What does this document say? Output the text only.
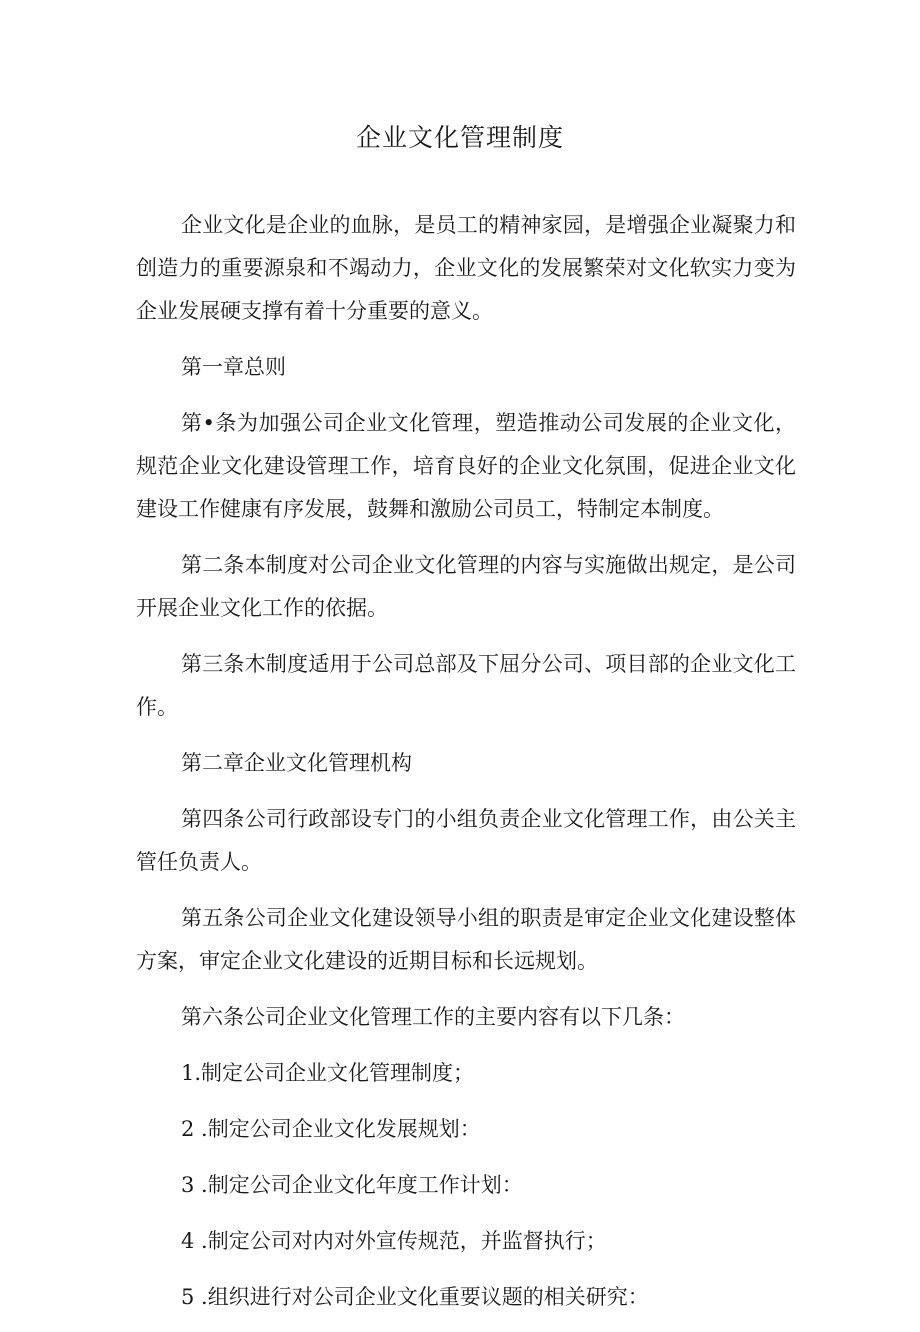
企业文化管理制度

企业文化是企业的血脉，是员工的精神家园，是增强企业凝聚力和创造力的重要源泉和不竭动力，企业文化的发展繁荣对文化软实力变为企业发展硬支撑有着十分重要的意义。

第一章总则

第•条为加强公司企业文化管理，塑造推动公司发展的企业文化，规范企业文化建设管理工作，培育良好的企业文化氛围，促进企业文化建设工作健康有序发展，鼓舞和激励公司员工，特制定本制度。

第二条本制度对公司企业文化管理的内容与实施做出规定，是公司开展企业文化工作的依据。

第三条木制度适用于公司总部及下屈分公司、项目部的企业文化工作。

第二章企业文化管理机构

第四条公司行政部设专门的小组负责企业文化管理工作，由公关主管任负责人。

第五条公司企业文化建设领导小组的职责是审定企业文化建设整体方案，审定企业文化建设的近期目标和长远规划。

第六条公司企业文化管理工作的主要内容有以下几条：

1.制定公司企业文化管理制度；

2 .制定公司企业文化发展规划：

3 .制定公司企业文化年度工作计划：

4 .制定公司对内对外宣传规范，并监督执行；

5 .组织进行对公司企业文化重要议题的相关研究：
